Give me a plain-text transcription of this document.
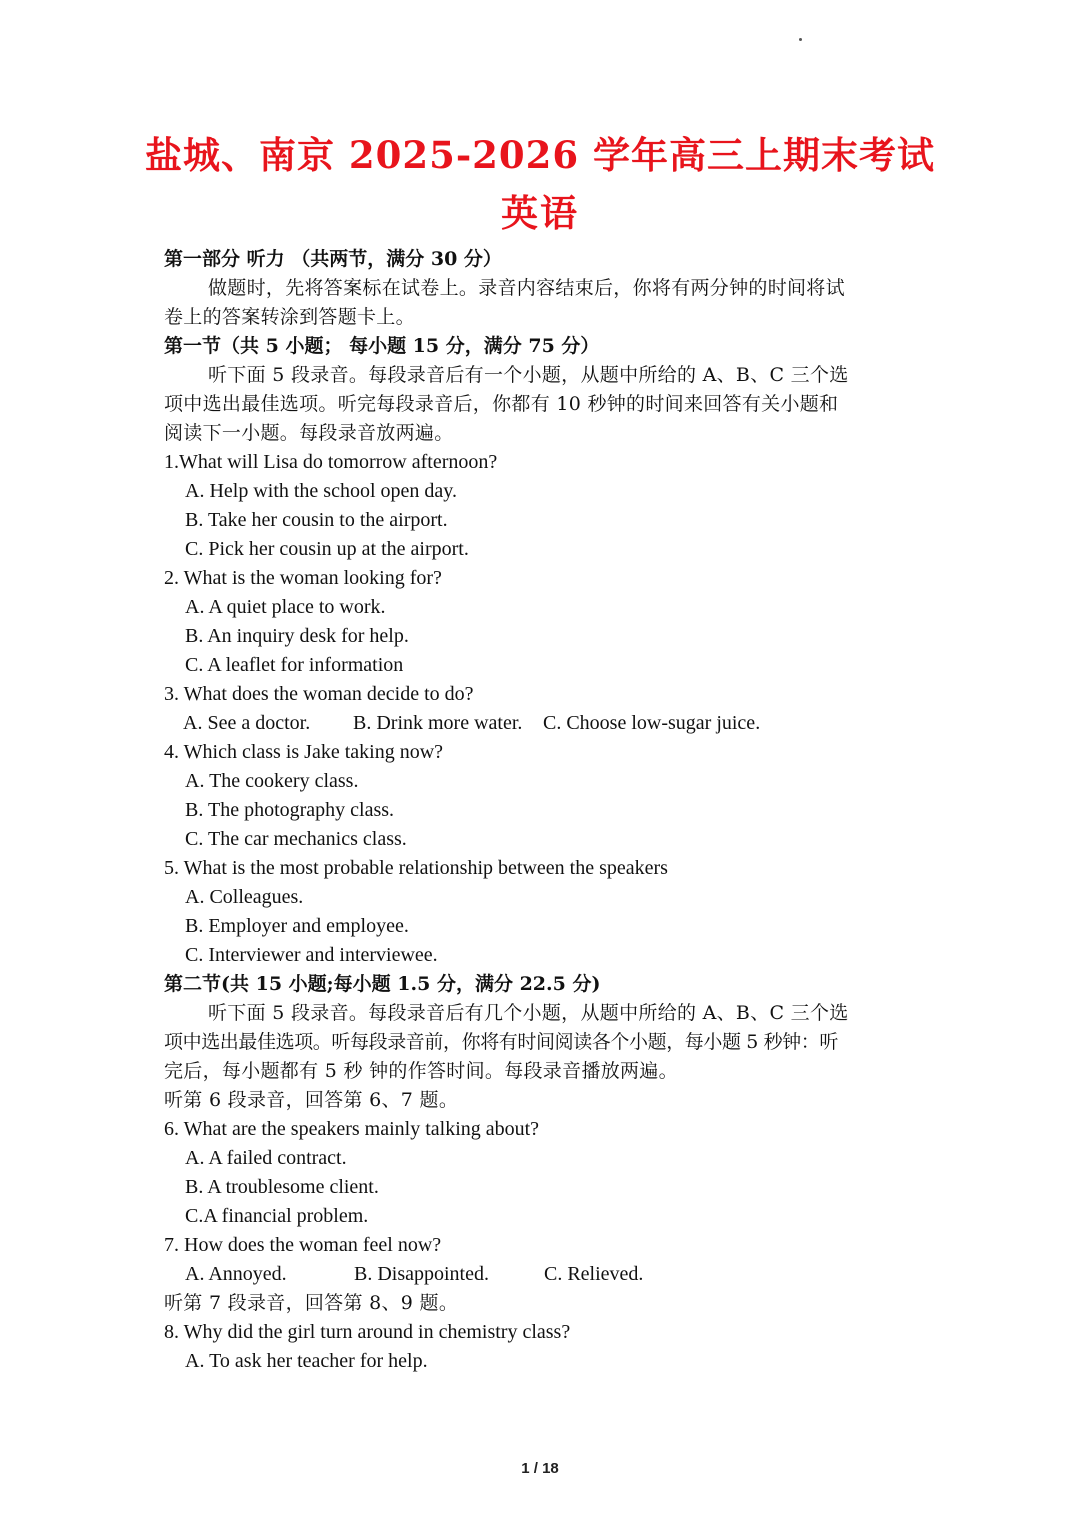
盐城、南京 2025-2026 学年高三上期末考试
英语
第一部分 听力 （共两节，满分 30 分）
做题时，先将答案标在试卷上。录音内容结束后，你将有两分钟的时间将试
卷上的答案转涂到答题卡上。
第一节（共 5 小题； 每小题 15 分，满分 75 分）
听下面 5 段录音。每段录音后有一个小题，从题中所给的 A、B、C 三个选
项中选出最佳选项。听完每段录音后，你都有 10 秒钟的时间来回答有关小题和
阅读下一小题。每段录音放两遍。
1.What will Lisa do tomorrow afternoon?
A. Help with the school open day.
B. Take her cousin to the airport.
C. Pick her cousin up at the airport.
2. What is the woman looking for?
A. A quiet place to work.
B. An inquiry desk for help.
C. A leaflet for information
3. What does the woman decide to do?
A. See a doctor. B. Drink more water. C. Choose low-sugar juice.
4. Which class is Jake taking now?
A. The cookery class.
B. The photography class.
C. The car mechanics class.
5. What is the most probable relationship between the speakers
A. Colleagues.
B. Employer and employee.
C. Interviewer and interviewee.
第二节(共 15 小题;每小题 1.5 分，满分 22.5 分)
听下面 5 段录音。每段录音后有几个小题，从题中所给的 A、B、C 三个选
项中选出最佳选项。听每段录音前，你将有时间阅读各个小题，每小题 5 秒钟：听
完后，每小题都有 5 秒 钟的作答时间。每段录音播放两遍。
听第 6 段录音，回答第 6、7 题。
6. What are the speakers mainly talking about?
A. A failed contract.
B. A troublesome client.
C.A financial problem.
7. How does the woman feel now?
A. Annoyed.	B. Disappointed.	C. Relieved.
听第 7 段录音，回答第 8、9 题。
8. Why did the girl turn around in chemistry class?
A. To ask her teacher for help.
1 / 18
